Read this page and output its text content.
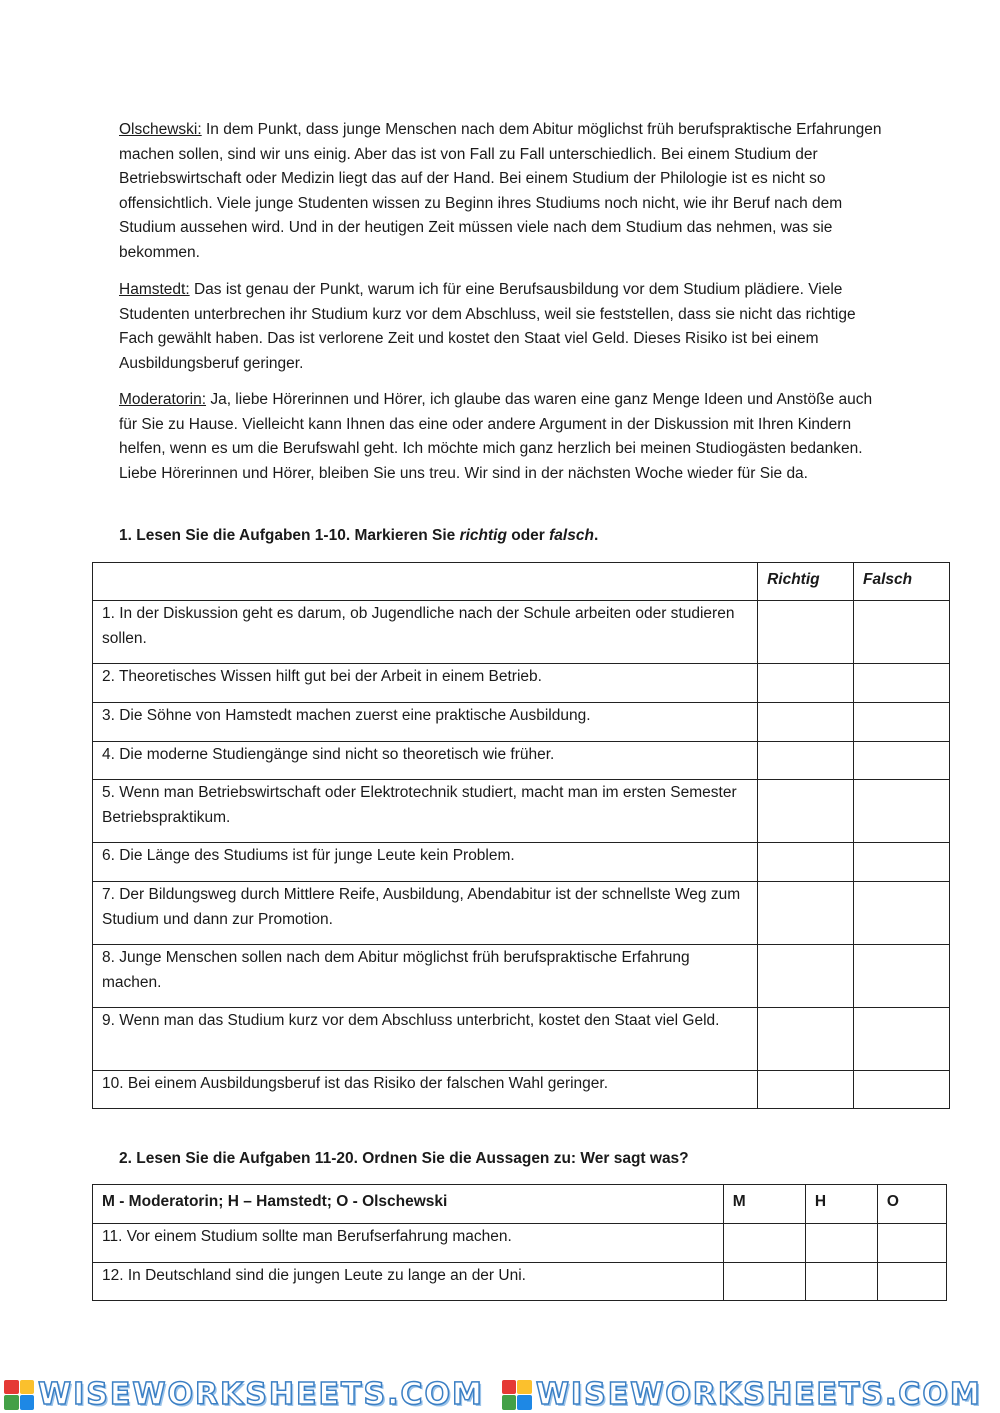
Olschewski: In dem Punkt, dass junge Menschen nach dem Abitur möglichst früh berufspraktische Erfahrungen machen sollen, sind wir uns einig. Aber das ist von Fall zu Fall unterschiedlich. Bei einem Studium der Betriebswirtschaft oder Medizin liegt das auf der Hand. Bei einem Studium der Philologie ist es nicht so offensichtlich. Viele junge Studenten wissen zu Beginn ihres Studiums noch nicht, wie ihr Beruf nach dem Studium aussehen wird. Und in der heutigen Zeit müssen viele nach dem Studium das nehmen, was sie bekommen.

Hamstedt: Das ist genau der Punkt, warum ich für eine Berufsausbildung vor dem Studium plädiere. Viele Studenten unterbrechen ihr Studium kurz vor dem Abschluss, weil sie feststellen, dass sie nicht das richtige Fach gewählt haben. Das ist verlorene Zeit und kostet den Staat viel Geld. Dieses Risiko ist bei einem Ausbildungsberuf geringer.

Moderatorin: Ja, liebe Hörerinnen und Hörer, ich glaube das waren eine ganz Menge Ideen und Anstöße auch für Sie zu Hause. Vielleicht kann Ihnen das eine oder andere Argument in der Diskussion mit Ihren Kindern helfen, wenn es um die Berufswahl geht. Ich möchte mich ganz herzlich bei meinen Studiogästen bedanken. Liebe Hörerinnen und Hörer, bleiben Sie uns treu. Wir sind in der nächsten Woche wieder für Sie da.

1. Lesen Sie die Aufgaben 1-10. Markieren Sie richtig oder falsch.

	Richtig	Falsch
1. In der Diskussion geht es darum, ob Jugendliche nach der Schule arbeiten oder studieren sollen.		
2. Theoretisches Wissen hilft gut bei der Arbeit in einem Betrieb.		
3. Die Söhne von Hamstedt machen zuerst eine praktische Ausbildung.		
4. Die moderne Studiengänge sind nicht so theoretisch wie früher.		
5. Wenn man Betriebswirtschaft oder Elektrotechnik studiert, macht man im ersten Semester Betriebspraktikum.		
6. Die Länge des Studiums ist für junge Leute kein Problem.		
7. Der Bildungsweg durch Mittlere Reife, Ausbildung, Abendabitur ist der schnellste Weg zum Studium und dann zur Promotion.		
8. Junge Menschen sollen nach dem Abitur möglichst früh berufspraktische Erfahrung machen.		
9. Wenn man das Studium kurz vor dem Abschluss unterbricht, kostet den Staat viel Geld.		
10. Bei einem Ausbildungsberuf ist das Risiko der falschen Wahl geringer.		

2. Lesen Sie die Aufgaben 11-20. Ordnen Sie die Aussagen zu: Wer sagt was?

M - Moderatorin; H – Hamstedt; O - Olschewski	M	H	O
11. Vor einem Studium sollte man Berufserfahrung machen.			
12. In Deutschland sind die jungen Leute zu lange an der Uni.			
WISEWORKSHEETS.COM WISEWORKSHEETS.COM
